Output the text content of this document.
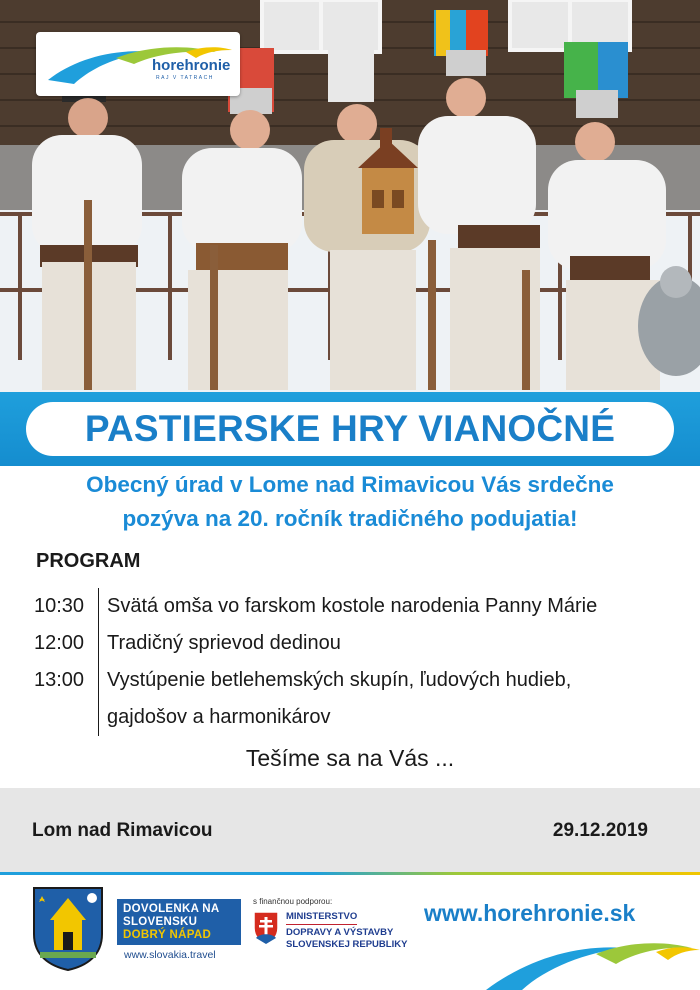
horehronie
RAJ V TATRACH
PASTIERSKE HRY VIANOČNÉ
Obecný úrad v Lome nad Rimavicou Vás srdečne
pozýva na 20. ročník tradičného podujatia!
PROGRAM
10:30	Svätá omša vo farskom kostole narodenia Panny Márie
12:00	Tradičný sprievod dedinou
13:00	Vystúpenie betlehemských skupín, ľudových hudieb,
gajdošov a harmonikárov
Tešíme sa na Vás ...
Lom nad Rimavicou	29.12.2019
DOVOLENKA NA
SLOVENSKU
DOBRÝ NÁPAD
www.slovakia.travel
s finančnou podporou:
MINISTERSTVO
DOPRAVY A VÝSTAVBY
SLOVENSKEJ REPUBLIKY
www.horehronie.sk
